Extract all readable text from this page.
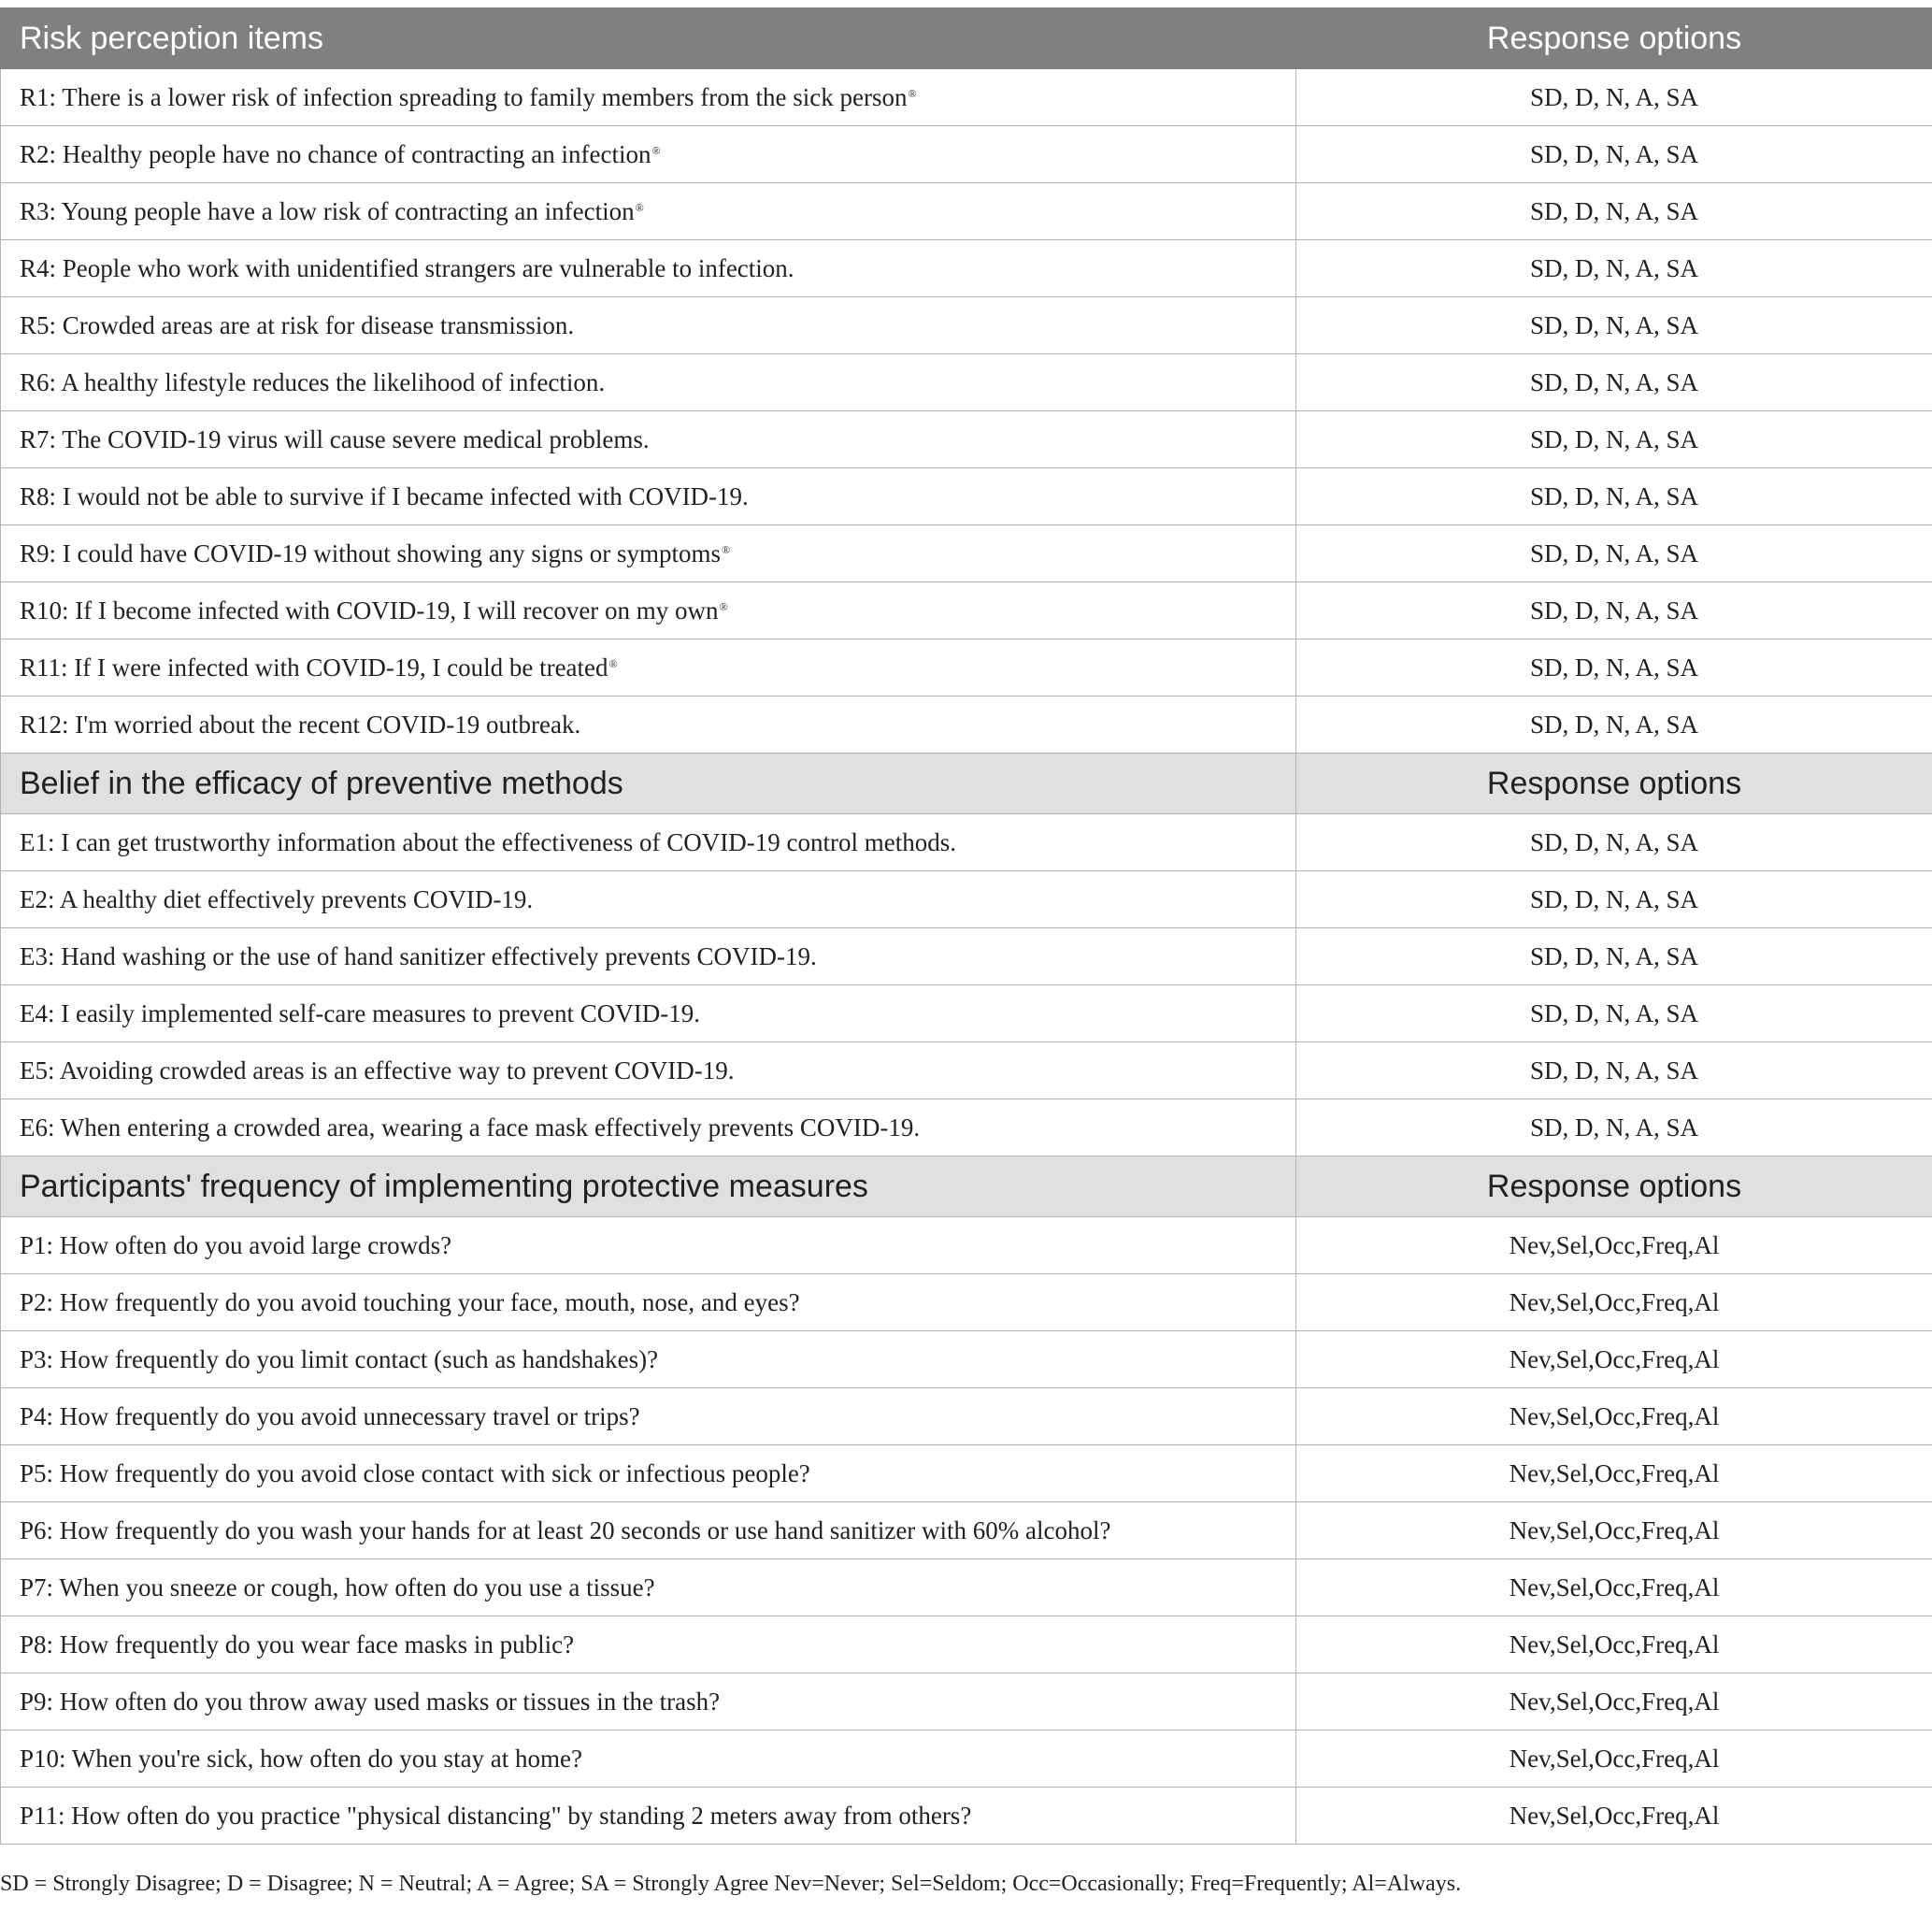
Risk perception items	Response options
R1: There is a lower risk of infection spreading to family members from the sick person®	SD, D, N, A, SA
R2: Healthy people have no chance of contracting an infection®	SD, D, N, A, SA
R3: Young people have a low risk of contracting an infection®	SD, D, N, A, SA
R4: People who work with unidentified strangers are vulnerable to infection.	SD, D, N, A, SA
R5: Crowded areas are at risk for disease transmission.	SD, D, N, A, SA
R6: A healthy lifestyle reduces the likelihood of infection.	SD, D, N, A, SA
R7: The COVID-19 virus will cause severe medical problems.	SD, D, N, A, SA
R8: I would not be able to survive if I became infected with COVID-19.	SD, D, N, A, SA
R9: I could have COVID-19 without showing any signs or symptoms®	SD, D, N, A, SA
R10: If I become infected with COVID-19, I will recover on my own®	SD, D, N, A, SA
R11: If I were infected with COVID-19, I could be treated®	SD, D, N, A, SA
R12: I'm worried about the recent COVID-19 outbreak.	SD, D, N, A, SA
Belief in the efficacy of preventive methods	Response options
E1: I can get trustworthy information about the effectiveness of COVID-19 control methods.	SD, D, N, A, SA
E2: A healthy diet effectively prevents COVID-19.	SD, D, N, A, SA
E3: Hand washing or the use of hand sanitizer effectively prevents COVID-19.	SD, D, N, A, SA
E4: I easily implemented self-care measures to prevent COVID-19.	SD, D, N, A, SA
E5: Avoiding crowded areas is an effective way to prevent COVID-19.	SD, D, N, A, SA
E6: When entering a crowded area, wearing a face mask effectively prevents COVID-19.	SD, D, N, A, SA
Participants' frequency of implementing protective measures	Response options
P1: How often do you avoid large crowds?	Nev,Sel,Occ,Freq,Al
P2: How frequently do you avoid touching your face, mouth, nose, and eyes?	Nev,Sel,Occ,Freq,Al
P3: How frequently do you limit contact (such as handshakes)?	Nev,Sel,Occ,Freq,Al
P4: How frequently do you avoid unnecessary travel or trips?	Nev,Sel,Occ,Freq,Al
P5: How frequently do you avoid close contact with sick or infectious people?	Nev,Sel,Occ,Freq,Al
P6: How frequently do you wash your hands for at least 20 seconds or use hand sanitizer with 60% alcohol?	Nev,Sel,Occ,Freq,Al
P7: When you sneeze or cough, how often do you use a tissue?	Nev,Sel,Occ,Freq,Al
P8: How frequently do you wear face masks in public?	Nev,Sel,Occ,Freq,Al
P9: How often do you throw away used masks or tissues in the trash?	Nev,Sel,Occ,Freq,Al
P10: When you're sick, how often do you stay at home?	Nev,Sel,Occ,Freq,Al
P11: How often do you practice "physical distancing" by standing 2 meters away from others?	Nev,Sel,Occ,Freq,Al
SD = Strongly Disagree; D = Disagree; N = Neutral; A = Agree; SA = Strongly Agree Nev=Never; Sel=Seldom; Occ=Occasionally; Freq=Frequently; Al=Always.
